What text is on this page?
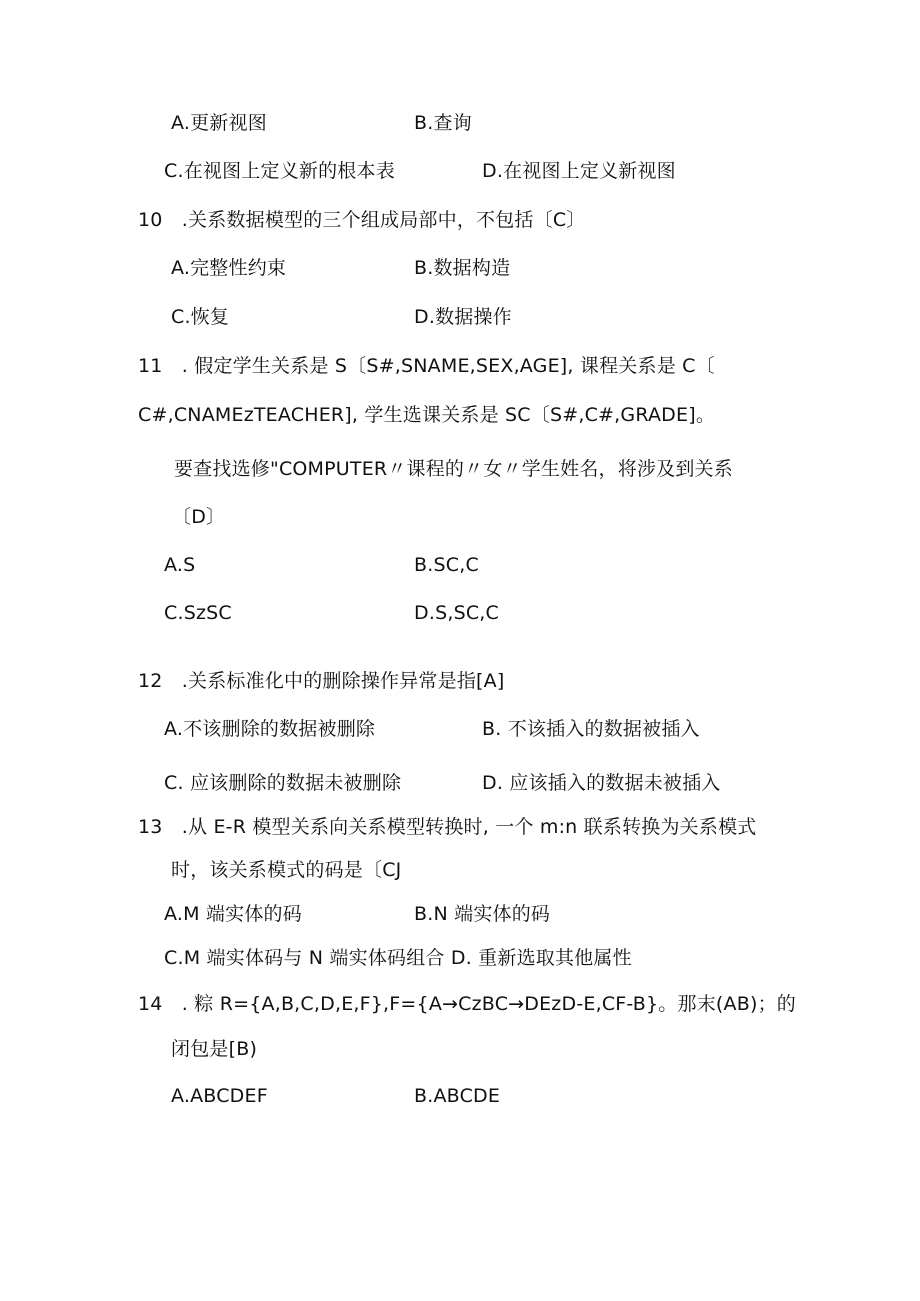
A.更新视图	B.查询
C.在视图上定义新的根本表	D.在视图上定义新视图
10　.关系数据模型的三个组成局部中，不包括〔C〕
A.完整性约束	B.数据构造
C.恢复	D.数据操作
11　. 假定学生关系是 S〔S#,SNAME,SEX,AGE], 课程关系是 C〔
C#,CNAMEzTEACHER], 学生选课关系是 SC〔S#,C#,GRADE]。
要查找选修"COMPUTER〃课程的〃女〃学生姓名，将涉及到关系
〔D〕
A.S	B.SC,C
C.SzSC	D.S,SC,C
12　.关系标准化中的删除操作异常是指[A]
A.不该删除的数据被删除	B. 不该插入的数据被插入
C. 应该删除的数据未被删除	D. 应该插入的数据未被插入
13　.从 E-R 模型关系向关系模型转换时, 一个 m:n 联系转换为关系模式
时，该关系模式的码是〔CJ
A.M 端实体的码	B.N 端实体的码
C.M 端实体码与 N 端实体码组合 D. 重新选取其他属性
14　. 粽 R={A,B,C,D,E,F},F={A→CzBC→DEzD-E,CF-B}。那末(AB)；的
闭包是[B)
A.ABCDEF	B.ABCDE
